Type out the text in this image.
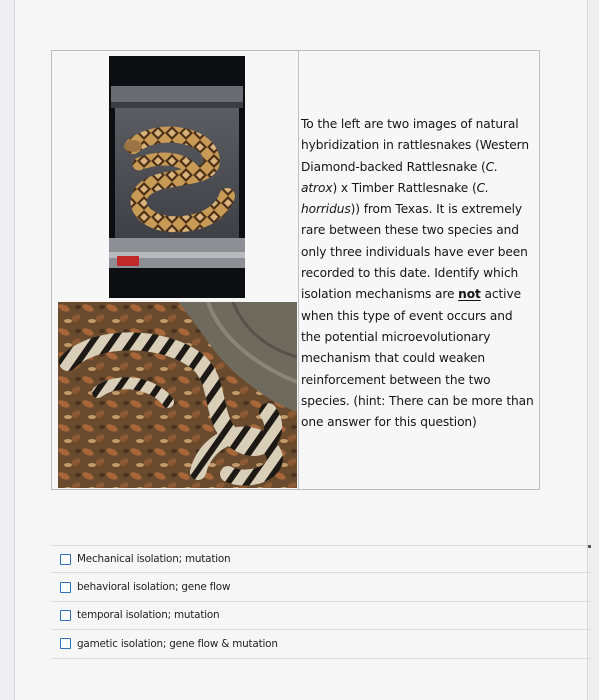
To the left are two images of natural hybridization in rattlesnakes (Western Diamond-backed Rattlesnake (C. atrox) x Timber Rattlesnake (C. horridus)) from Texas. It is extremely rare between these two species and only three individuals have ever been recorded to this date. Identify which isolation mechanisms are not active when this type of event occurs and the potential microevolutionary mechanism that could weaken reinforcement between the two species. (hint: There can be more than one answer for this question)

Mechanical isolation; mutation
behavioral isolation; gene flow
temporal isolation; mutation
gametic isolation; gene flow & mutation
